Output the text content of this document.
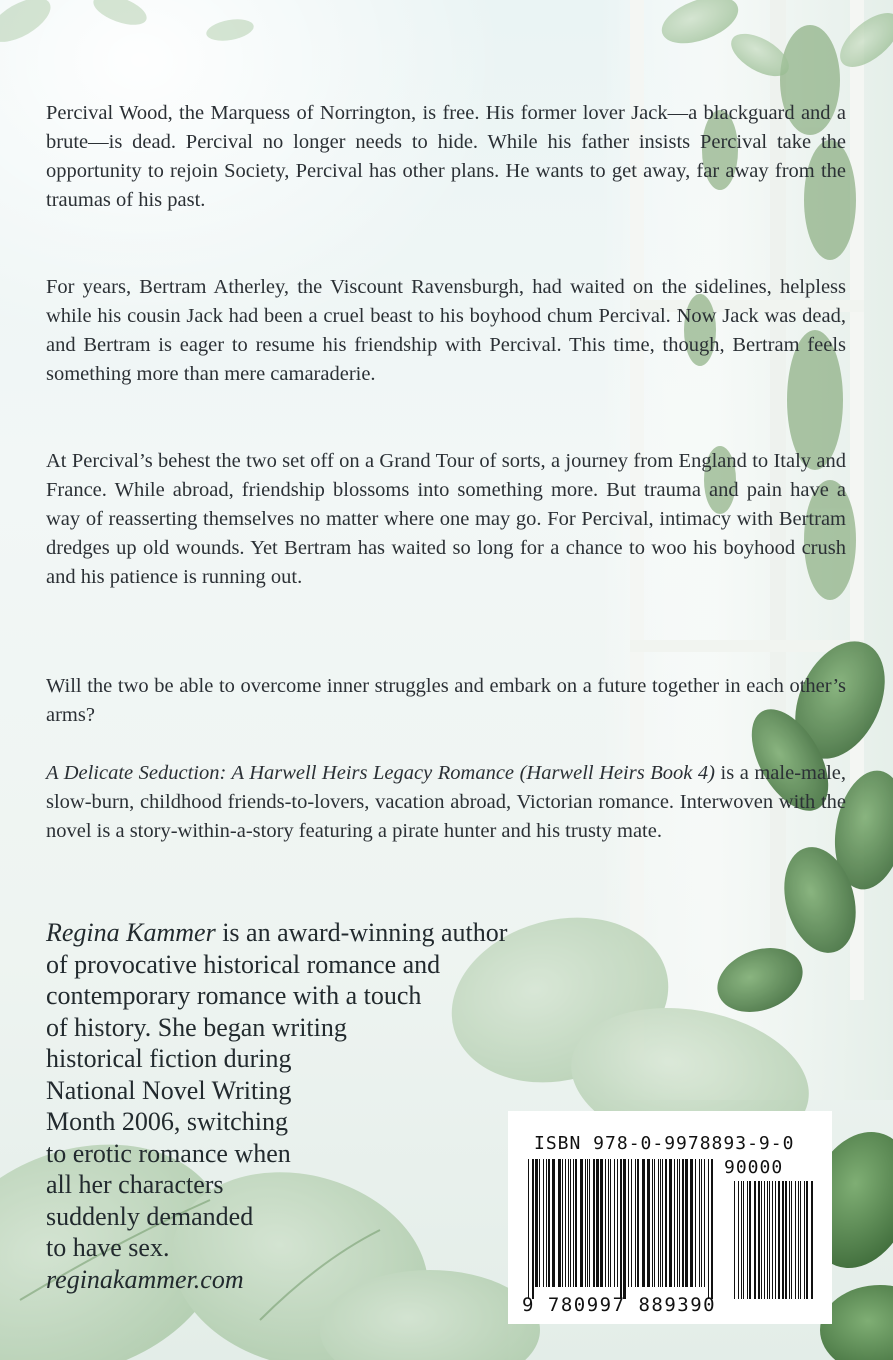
Percival Wood, the Marquess of Norrington, is free. His former lover Jack—a blackguard and a brute—is dead. Percival no longer needs to hide. While his father insists Percival take the opportunity to rejoin Society, Percival has other plans. He wants to get away, far away from the traumas of his past.

For years, Bertram Atherley, the Viscount Ravensburgh, had waited on the sidelines, helpless while his cousin Jack had been a cruel beast to his boyhood chum Percival. Now Jack was dead, and Bertram is eager to resume his friendship with Percival. This time, though, Bertram feels something more than mere camaraderie.

At Percival’s behest the two set off on a Grand Tour of sorts, a journey from England to Italy and France. While abroad, friendship blossoms into something more. But trauma and pain have a way of reasserting themselves no matter where one may go. For Percival, intimacy with Bertram dredges up old wounds. Yet Bertram has waited so long for a chance to woo his boyhood crush and his patience is running out.

Will the two be able to overcome inner struggles and embark on a future together in each other’s arms?

A Delicate Seduction: A Harwell Heirs Legacy Romance (Harwell Heirs Book 4) is a male-male, slow-burn, childhood friends-to-lovers, vacation abroad, Victorian romance. Interwoven with the novel is a story-within-a-story featuring a pirate hunter and his trusty mate.

Regina Kammer is an award-winning author
of provocative historical romance and
contemporary romance with a touch
of history. She began writing
historical fiction during
National Novel Writing
Month 2006, switching
to erotic romance when
all her characters
suddenly demanded
to have sex.
reginakammer.com
ISBN 978-0-9978893-9-0
90000
9 780997 889390
